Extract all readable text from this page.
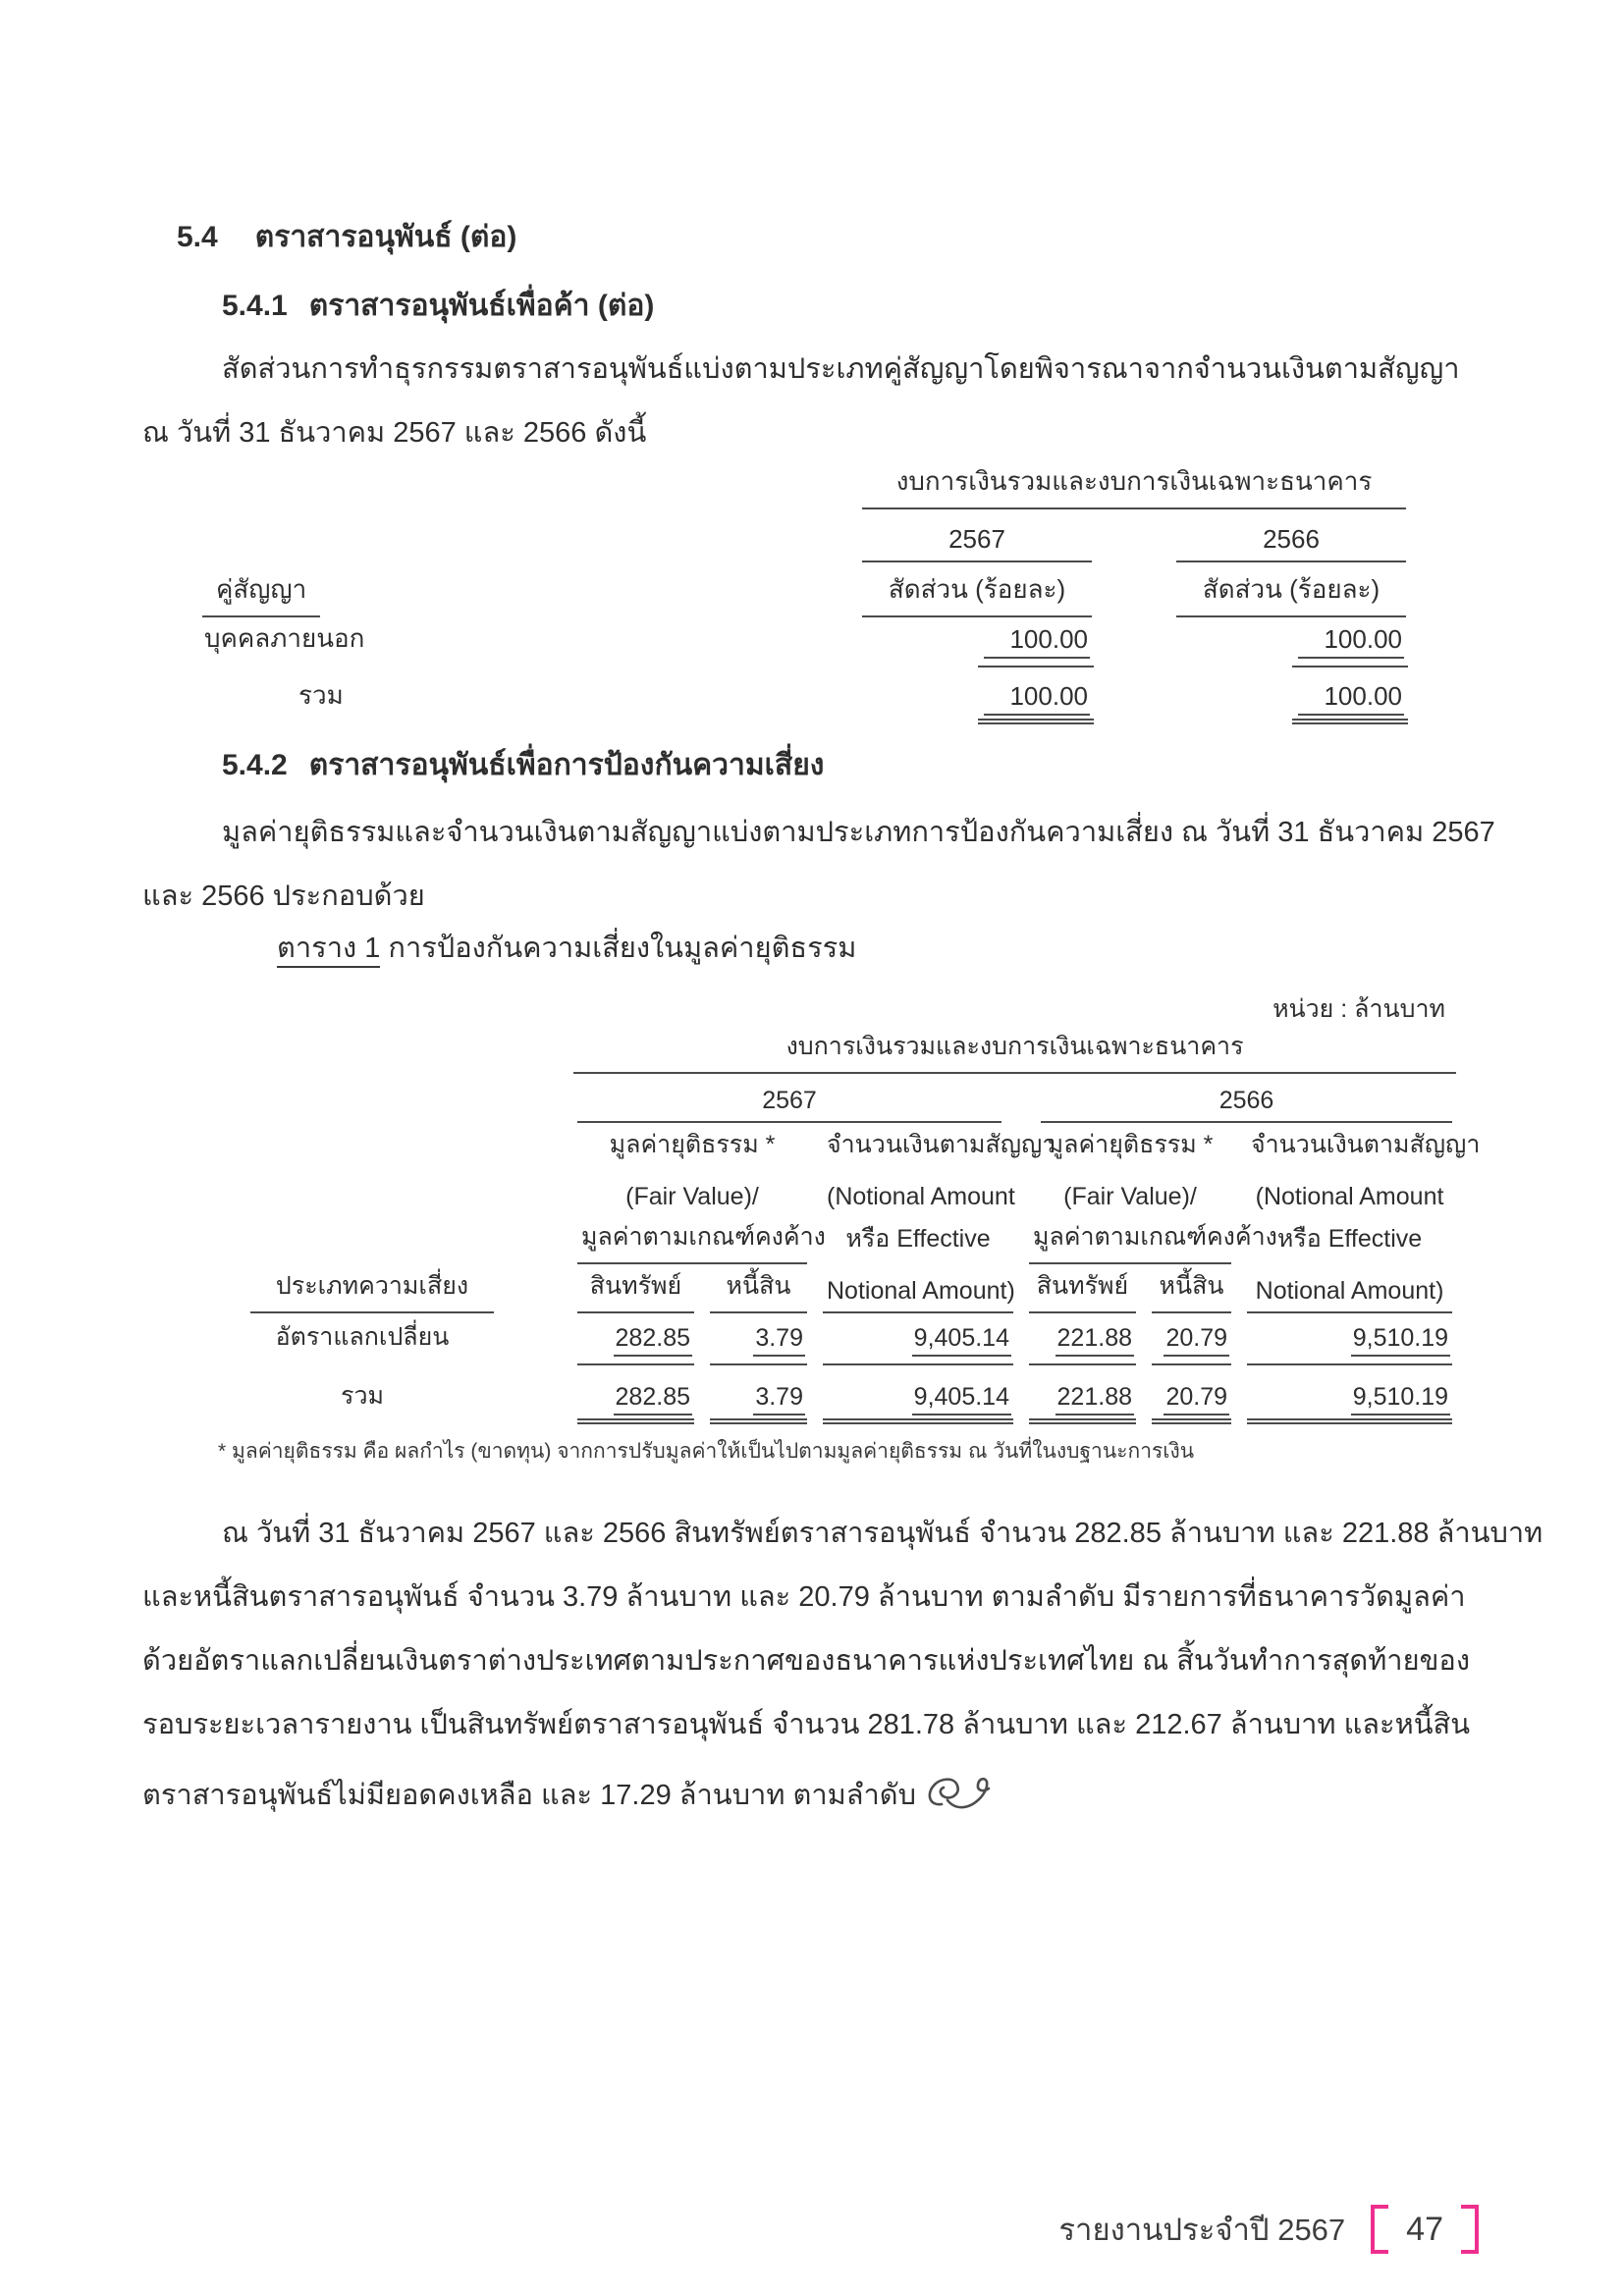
5.4 ตราสารอนุพันธ์ (ต่อ)
5.4.1 ตราสารอนุพันธ์เพื่อค้า (ต่อ)
สัดส่วนการทำธุรกรรมตราสารอนุพันธ์แบ่งตามประเภทคู่สัญญาโดยพิจารณาจากจำนวนเงินตามสัญญา
ณ วันที่ 31 ธันวาคม 2567 และ 2566 ดังนี้

	งบการเงินรวมและงบการเงินเฉพาะธนาคาร		

	2567		2566

คู่สัญญา	สัดส่วน (ร้อยละ)		สัดส่วน (ร้อยละ)

บุคคลภายนอก	100.00		100.00
รวม	100.00		100.00
5.4.2 ตราสารอนุพันธ์เพื่อการป้องกันความเสี่ยง
มูลค่ายุติธรรมและจำนวนเงินตามสัญญาแบ่งตามประเภทการป้องกันความเสี่ยง ณ วันที่ 31 ธันวาคม 2567
และ 2566 ประกอบด้วย
ตาราง 1 การป้องกันความเสี่ยงในมูลค่ายุติธรรม
หน่วย : ล้านบาท

	งบการเงินรวมและงบการเงินเฉพาะธนาคาร					

	2567			2566		

	มูลค่ายุติธรรม *		จำนวนเงินตามสัญญา	มูลค่ายุติธรรม *		จำนวนเงินตามสัญญา

	(Fair Value)/		(Notional Amount	(Fair Value)/		(Notional Amount

	มูลค่าตามเกณฑ์คงค้าง		หรือ Effective	มูลค่าตามเกณฑ์คงค้าง		หรือ Effective

ประเภทความเสี่ยง	สินทรัพย์	หนี้สิน	Notional Amount)	สินทรัพย์	หนี้สิน	Notional Amount)

อัตราแลกเปลี่ยน	282.85	3.79	9,405.14	221.88	20.79	9,510.19
รวม	282.85	3.79	9,405.14	221.88	20.79	9,510.19
* มูลค่ายุติธรรม คือ ผลกำไร (ขาดทุน) จากการปรับมูลค่าให้เป็นไปตามมูลค่ายุติธรรม ณ วันที่ในงบฐานะการเงิน
ณ วันที่ 31 ธันวาคม 2567 และ 2566 สินทรัพย์ตราสารอนุพันธ์ จำนวน 282.85 ล้านบาท และ 221.88 ล้านบาท
และหนี้สินตราสารอนุพันธ์ จำนวน 3.79 ล้านบาท และ 20.79 ล้านบาท ตามลำดับ มีรายการที่ธนาคารวัดมูลค่า
ด้วยอัตราแลกเปลี่ยนเงินตราต่างประเทศตามประกาศของธนาคารแห่งประเทศไทย ณ สิ้นวันทำการสุดท้ายของ
รอบระยะเวลารายงาน เป็นสินทรัพย์ตราสารอนุพันธ์ จำนวน 281.78 ล้านบาท และ 212.67 ล้านบาท และหนี้สิน
ตราสารอนุพันธ์ไม่มียอดคงเหลือ และ 17.29 ล้านบาท ตามลำดับ
รายงานประจำปี 2567 47
